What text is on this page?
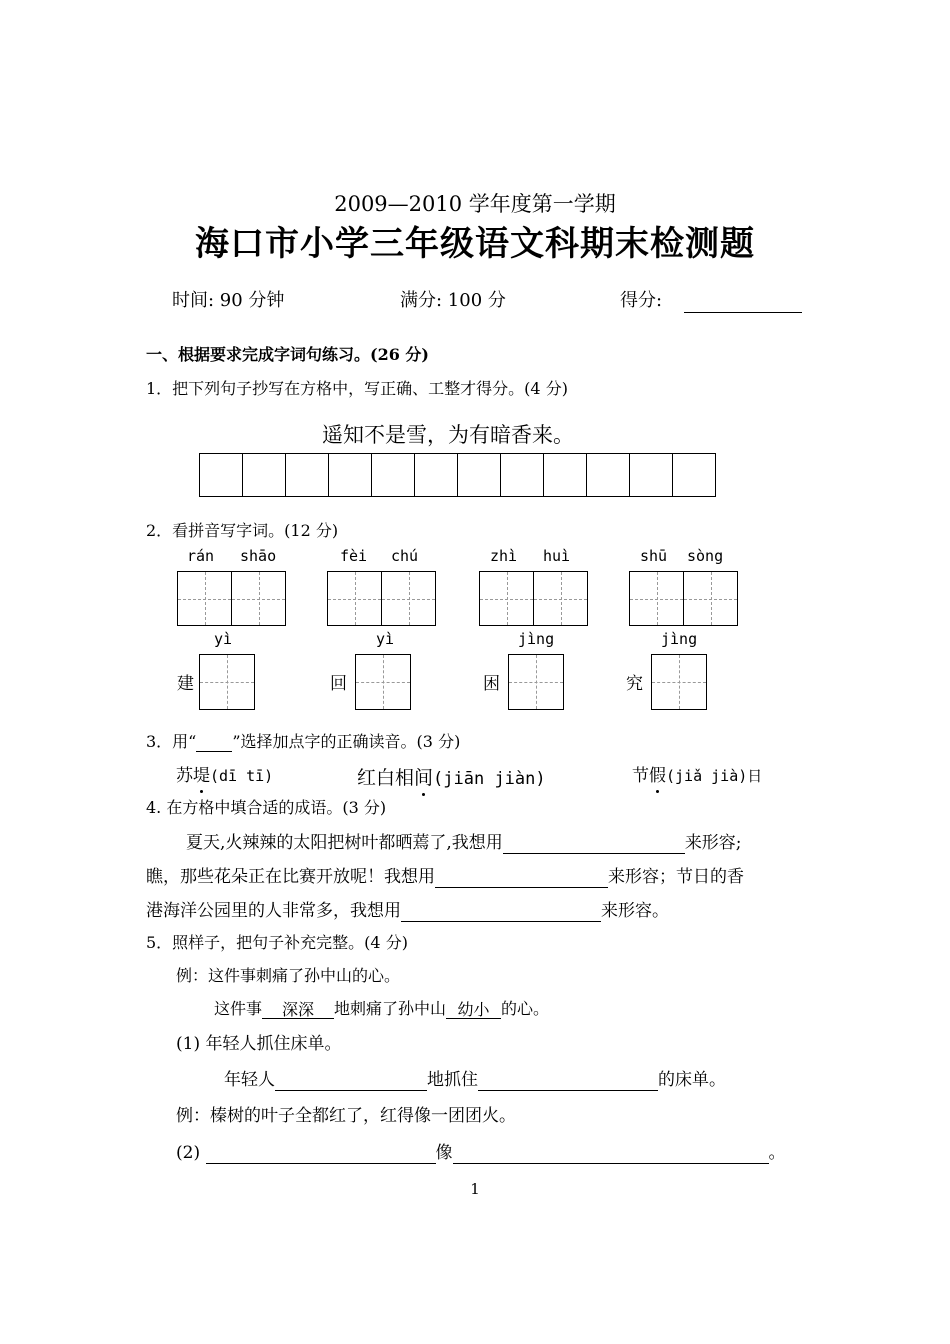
2009—2010 学年度第一学期
海口市小学三年级语文科期末检测题
时间: 90 分钟	满分: 100 分	得分:
一、根据要求完成字词句练习。(26 分)
1．把下列句子抄写在方格中，写正确、工整才得分。(4 分)
遥知不是雪，为有暗香来。
2．看拼音写字词。(12 分)
rán shāo	fèi chú	zhì huì	shū sòng
yì	yì	jìng	jìng
建	回	困	究
3．用“ ”选择加点字的正确读音。(3 分)
苏堤(dī tī)	红白相间(jiān jiàn)	节假(jiǎ jià)日
4. 在方格中填合适的成语。(3 分)
夏天,火辣辣的太阳把树叶都晒蔫了,我想用	来形容;
瞧，那些花朵正在比赛开放呢！我想用	来形容；节日的香
港海洋公园里的人非常多，我想用	来形容。
5．照样子，把句子补充完整。(4 分)
例：这件事刺痛了孙中山的心。
这件事 深深 地刺痛了孙中山 幼小 的心。
(1) 年轻人抓住床单。
年轻人	地抓住	的床单。
例：榛树的叶子全都红了，红得像一团团火。
(2)	像	。
1
